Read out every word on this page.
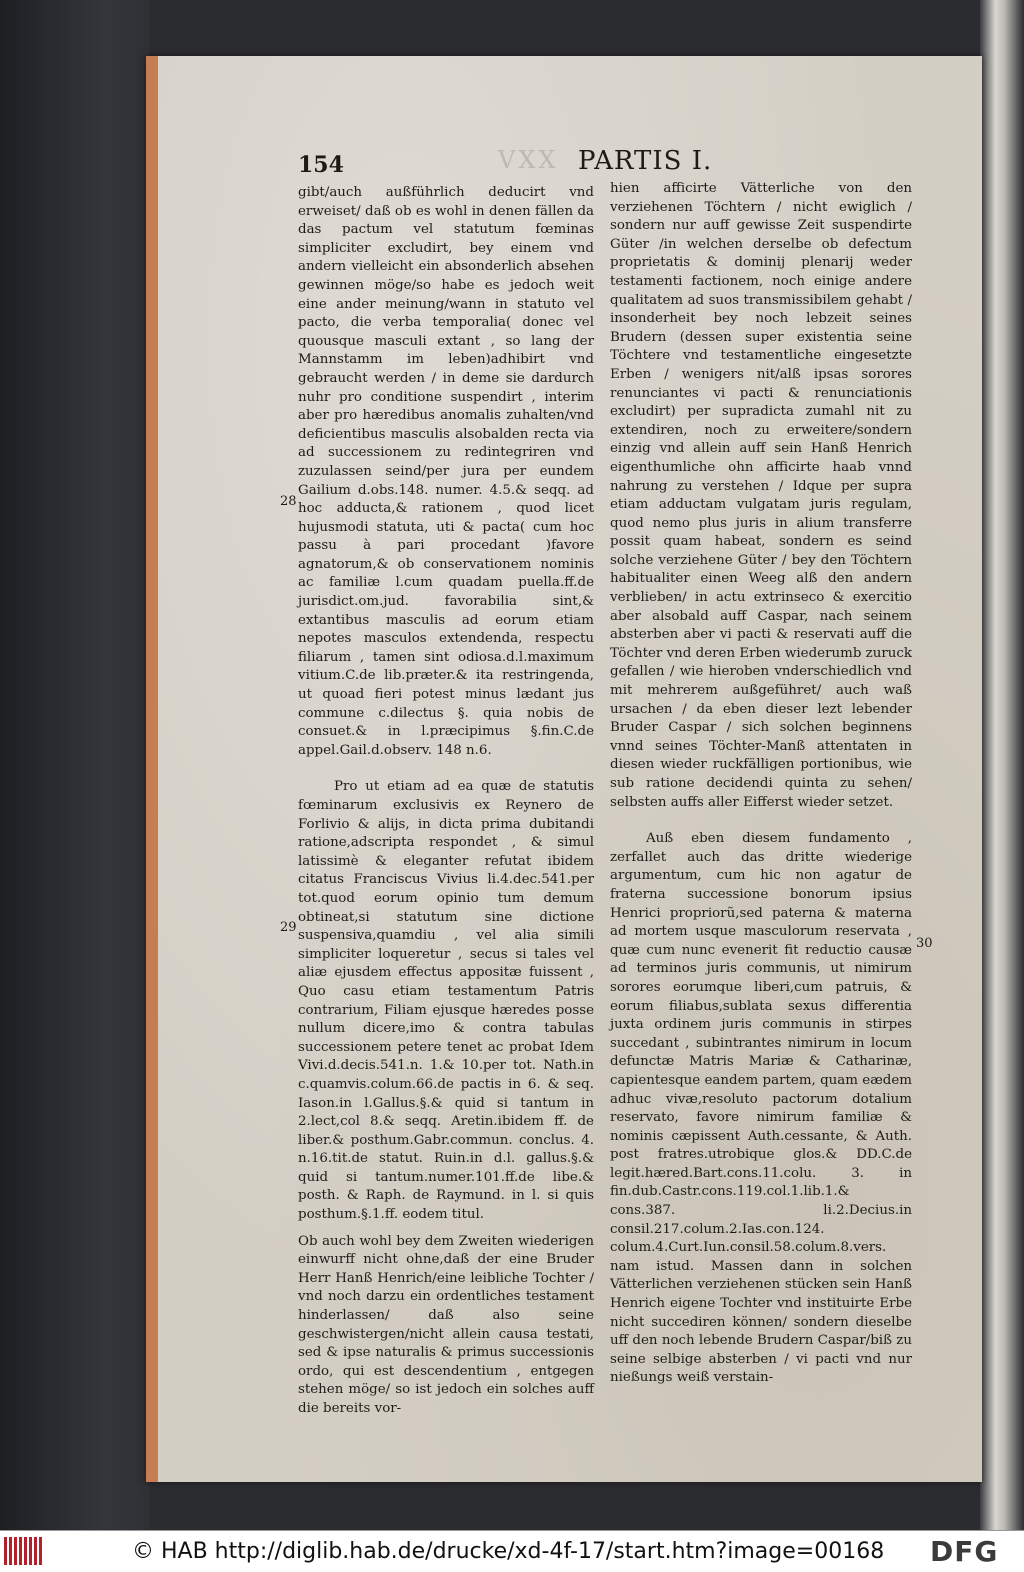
VXX
154	PARTIS I.

gibt/auch außführlich deducirt vnd erweiset/ daß ob es wohl in denen fällen da das pactum vel statutum fœminas simpliciter excludirt, bey einem vnd andern vielleicht ein absonderlich absehen gewinnen möge/so habe es jedoch weit eine ander meinung/wann in statuto vel pacto, die verba temporalia( donec vel quousque masculi extant , so lang der Mannstamm im leben)adhibirt vnd gebraucht werden / in deme sie dardurch nuhr pro conditione suspendirt , interim aber pro hæredibus anomalis zuhalten/vnd deficientibus masculis alsobalden recta via ad successionem zu redintegriren vnd zuzulassen seind/per jura per eundem Gailium d.obs.148. numer. 4.5.& seqq. ad hoc adducta,& rationem , quod licet hujusmodi statuta, uti & pacta( cum hoc passu à pari procedant )favore agnatorum,& ob conservationem nominis ac familiæ l.cum quadam puella.ff.de jurisdict.om.jud. favorabilia sint,& extantibus masculis ad eorum etiam nepotes masculos extendenda, respectu filiarum , tamen sint odiosa.d.l.maximum vitium.C.de lib.præter.& ita restringenda, ut quoad fieri potest minus lædant jus commune c.dilectus §. quia nobis de consuet.& in l.præcipimus §.fin.C.de appel.Gail.d.observ. 148 n.6.

Pro ut etiam ad ea quæ de statutis fœminarum exclusivis ex Reynero de Forlivio & alijs, in dicta prima dubitandi ratione,adscripta respondet , & simul latissimè & eleganter refutat ibidem citatus Franciscus Vivius li.4.dec.541.per tot.quod eorum opinio tum demum obtineat,si statutum sine dictione suspensiva,quamdiu , vel alia simili simpliciter loqueretur , secus si tales vel aliæ ejusdem effectus appositæ fuissent , Quo casu etiam testamentum Patris contrarium, Filiam ejusque hæredes posse nullum dicere,imo & contra tabulas successionem petere tenet ac probat Idem Vivi.d.decis.541.n. 1.& 10.per tot. Nath.in c.quamvis.colum.66.de pactis in 6. & seq. Iason.in l.Gallus.§.& quid si tantum in 2.lect,col 8.& seqq. Aretin.ibidem ff. de liber.& posthum.Gabr.commun. conclus. 4. n.16.tit.de statut. Ruin.in d.l. gallus.§.& quid si tantum.numer.101.ff.de libe.& posth. & Raph. de Raymund. in l. si quis posthum.§.1.ff. eodem titul.

Ob auch wohl bey dem Zweiten wiederigen einwurff nicht ohne,daß der eine Bruder Herr Hanß Henrich/eine leibliche Tochter / vnd noch darzu ein ordentliches testament hinderlassen/ daß also seine geschwistergen/nicht allein causa testati, sed & ipse naturalis & primus successionis ordo, qui est descendentium , entgegen stehen möge/ so ist jedoch ein solches auff die bereits vor-

hien afficirte Vätterliche von den verziehenen Töchtern / nicht ewiglich / sondern nur auff gewisse Zeit suspendirte Güter /in welchen derselbe ob defectum proprietatis & dominij plenarij weder testamenti factionem, noch einige andere qualitatem ad suos transmissibilem gehabt / insonderheit bey noch lebzeit seines Brudern (dessen super existentia seine Töchtere vnd testamentliche eingesetzte Erben / wenigers nit/alß ipsas sorores renunciantes vi pacti & renunciationis excludirt) per supradicta zumahl nit zu extendiren, noch zu erweitere/sondern einzig vnd allein auff sein Hanß Henrich eigenthumliche ohn afficirte haab vnnd nahrung zu verstehen / Idque per supra etiam adductam vulgatam juris regulam, quod nemo plus juris in alium transferre possit quam habeat, sondern es seind solche verziehene Güter / bey den Töchtern habitualiter einen Weeg alß den andern verblieben/ in actu extrinseco & exercitio aber alsobald auff Caspar, nach seinem absterben aber vi pacti & reservati auff die Töchter vnd deren Erben wiederumb zuruck gefallen / wie hieroben vnderschiedlich vnd mit mehrerem außgeführet/ auch waß ursachen / da eben dieser lezt lebender Bruder Caspar / sich solchen beginnens vnnd seines Töchter-Manß attentaten in diesen wieder ruckfälligen portionibus, wie sub ratione decidendi quinta zu sehen/ selbsten auffs aller Eifferst wieder setzet.

Auß eben diesem fundamento , zerfallet auch das dritte wiederige argumentum, cum hic non agatur de fraterna successione bonorum ipsius Henrici propriorũ,sed paterna & materna ad mortem usque masculorum reservata , quæ cum nunc evenerit fit reductio causæ ad terminos juris communis, ut nimirum sorores eorumque liberi,cum patruis, & eorum filiabus,sublata sexus differentia juxta ordinem juris communis in stirpes succedant , subintrantes nimirum in locum defunctæ Matris Mariæ & Catharinæ, capientesque eandem partem, quam eædem adhuc vivæ,resoluto pactorum dotalium reservato, favore nimirum familiæ & nominis cæpissent Auth.cessante, & Auth. post fratres.utrobique glos.& DD.C.de legit.hæred.Bart.cons.11.colu. 3. in fin.dub.Castr.cons.119.col.1.lib.1.& cons.387. li.2.Decius.in consil.217.colum.2.Ias.con.124. colum.4.Curt.Iun.consil.58.colum.8.vers. nam istud. Massen dann in solchen Vätterlichen verziehenen stücken sein Hanß Henrich eigene Tochter vnd instituirte Erbe nicht succediren können/ sondern dieselbe uff den noch lebende Brudern Caspar/biß zu seine selbige absterben / vi pacti vnd nur nießungs weiß verstain-

28
29
30
© HAB http://diglib.hab.de/drucke/xd-4f-17/start.htm?image=00168 DFG
